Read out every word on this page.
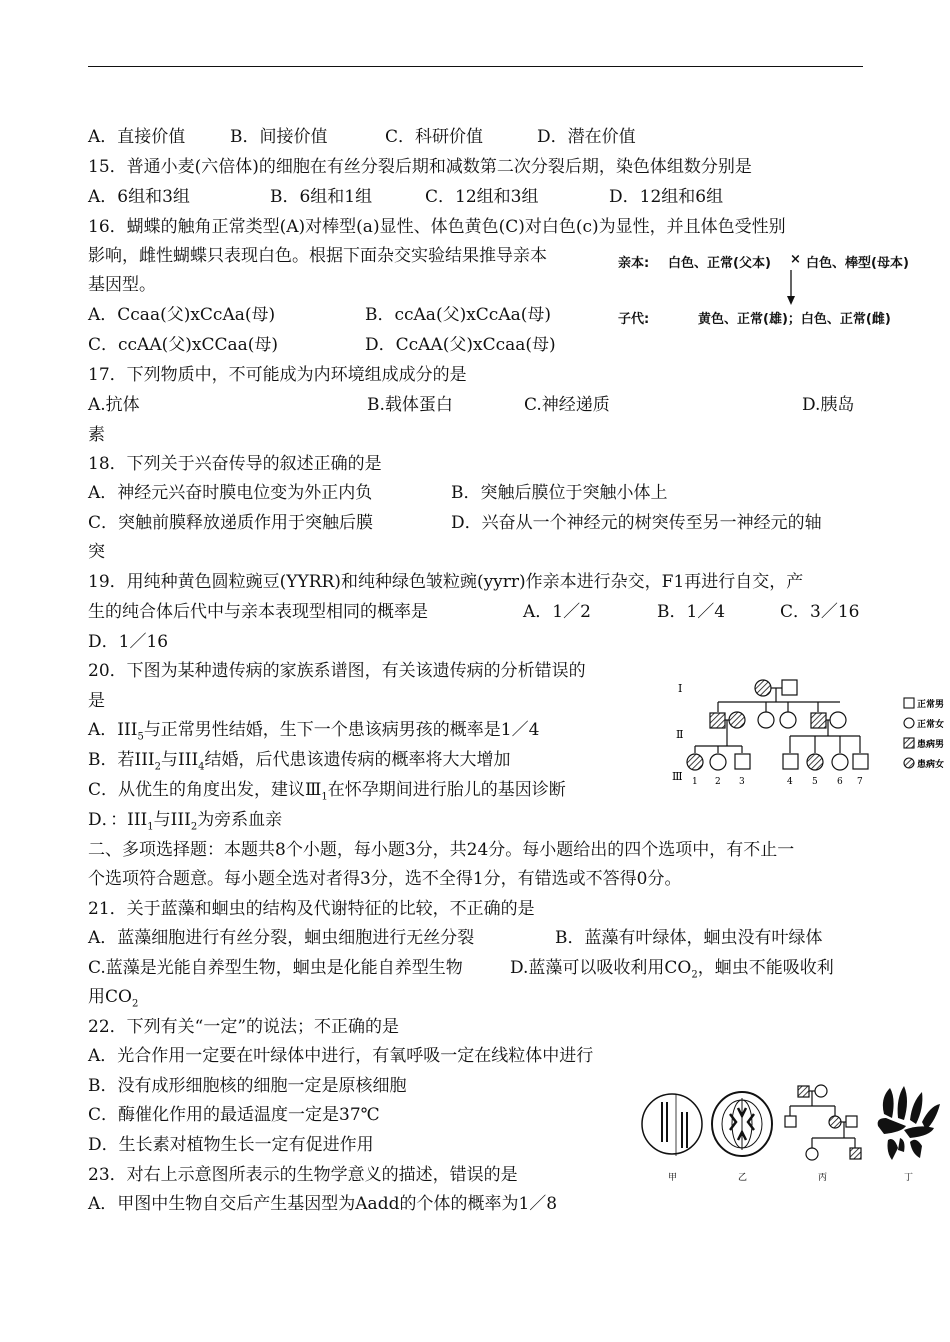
A．直接价值	B．间接价值	C．科研价值	D．潜在价值
15．普通小麦(六倍体)的细胞在有丝分裂后期和减数第二次分裂后期，染色体组数分别是
A．6组和3组	B．6组和1组	C．12组和3组	D．12组和6组
16．蝴蝶的触角正常类型(A)对棒型(a)显性、体色黄色(C)对白色(c)为显性，并且体色受性别
影响，雌性蝴蝶只表现白色。根据下面杂交实验结果推导亲本
基因型。
A．Ccaa(父)xCcAa(母)	B．ccAa(父)xCcAa(母)
C．ccAA(父)xCCaa(母)	D．CcAA(父)xCcaa(母)
亲本: 白色、正常(父本) × 白色、棒型(母本)
子代:	黄色、正常(雄)；白色、正常(雌)
17．下列物质中，不可能成为内环境组成成分的是
A.抗体	B.载体蛋白	C.神经递质	D.胰岛
素
18．下列关于兴奋传导的叙述正确的是
A．神经元兴奋时膜电位变为外正内负	B．突触后膜位于突触小体上
C．突触前膜释放递质作用于突触后膜	D．兴奋从一个神经元的树突传至另一神经元的轴
突
19．用纯种黄色圆粒豌豆(YYRR)和纯种绿色皱粒豌(yyrr)作亲本进行杂交，F1再进行自交，产
生的纯合体后代中与亲本表现型相同的概率是	A．1／2	B．1／4	C．3／16
D．1／16
20．下图为某种遗传病的家族系谱图，有关该遗传病的分析错误的
是
A．$III_5$与正常男性结婚，生下一个患该病男孩的概率是1／4
B．若$III_2$与$III_4$结婚，后代患该遗传病的概率将大大增加
C．从优生的角度出发，建议$Ⅲ_1$在怀孕期间进行胎儿的基因诊断
D．：$III_1$与$III_2$为旁系血亲
I
Ⅱ
Ⅲ 1 2 3	4 5 6 7
正常男
正常女
患病男
患病女
二、多项选择题：本题共8个小题，每小题3分，共24分。每小题给出的四个选项中，有不止一
个选项符合题意。每小题全选对者得3分，选不全得1分，有错选或不答得0分。
21．关于蓝藻和蛔虫的结构及代谢特征的比较，不正确的是
A．蓝藻细胞进行有丝分裂，蛔虫细胞进行无丝分裂	B．蓝藻有叶绿体，蛔虫没有叶绿体
C.蓝藻是光能自养型生物，蛔虫是化能自养型生物	D.蓝藻可以吸收利用$CO_2$，蛔虫不能吸收利
用$CO_2$
22．下列有关“一定”的说法；不正确的是
A．光合作用一定要在叶绿体中进行，有氧呼吸一定在线粒体中进行
B．没有成形细胞核的细胞一定是原核细胞
C．酶催化作用的最适温度一定是37℃
D．生长素对植物生长一定有促进作用
23．对右上示意图所表示的生物学意义的描述，错误的是
A．甲图中生物自交后产生基因型为Aadd的个体的概率为1／8
甲	乙	丙	丁
